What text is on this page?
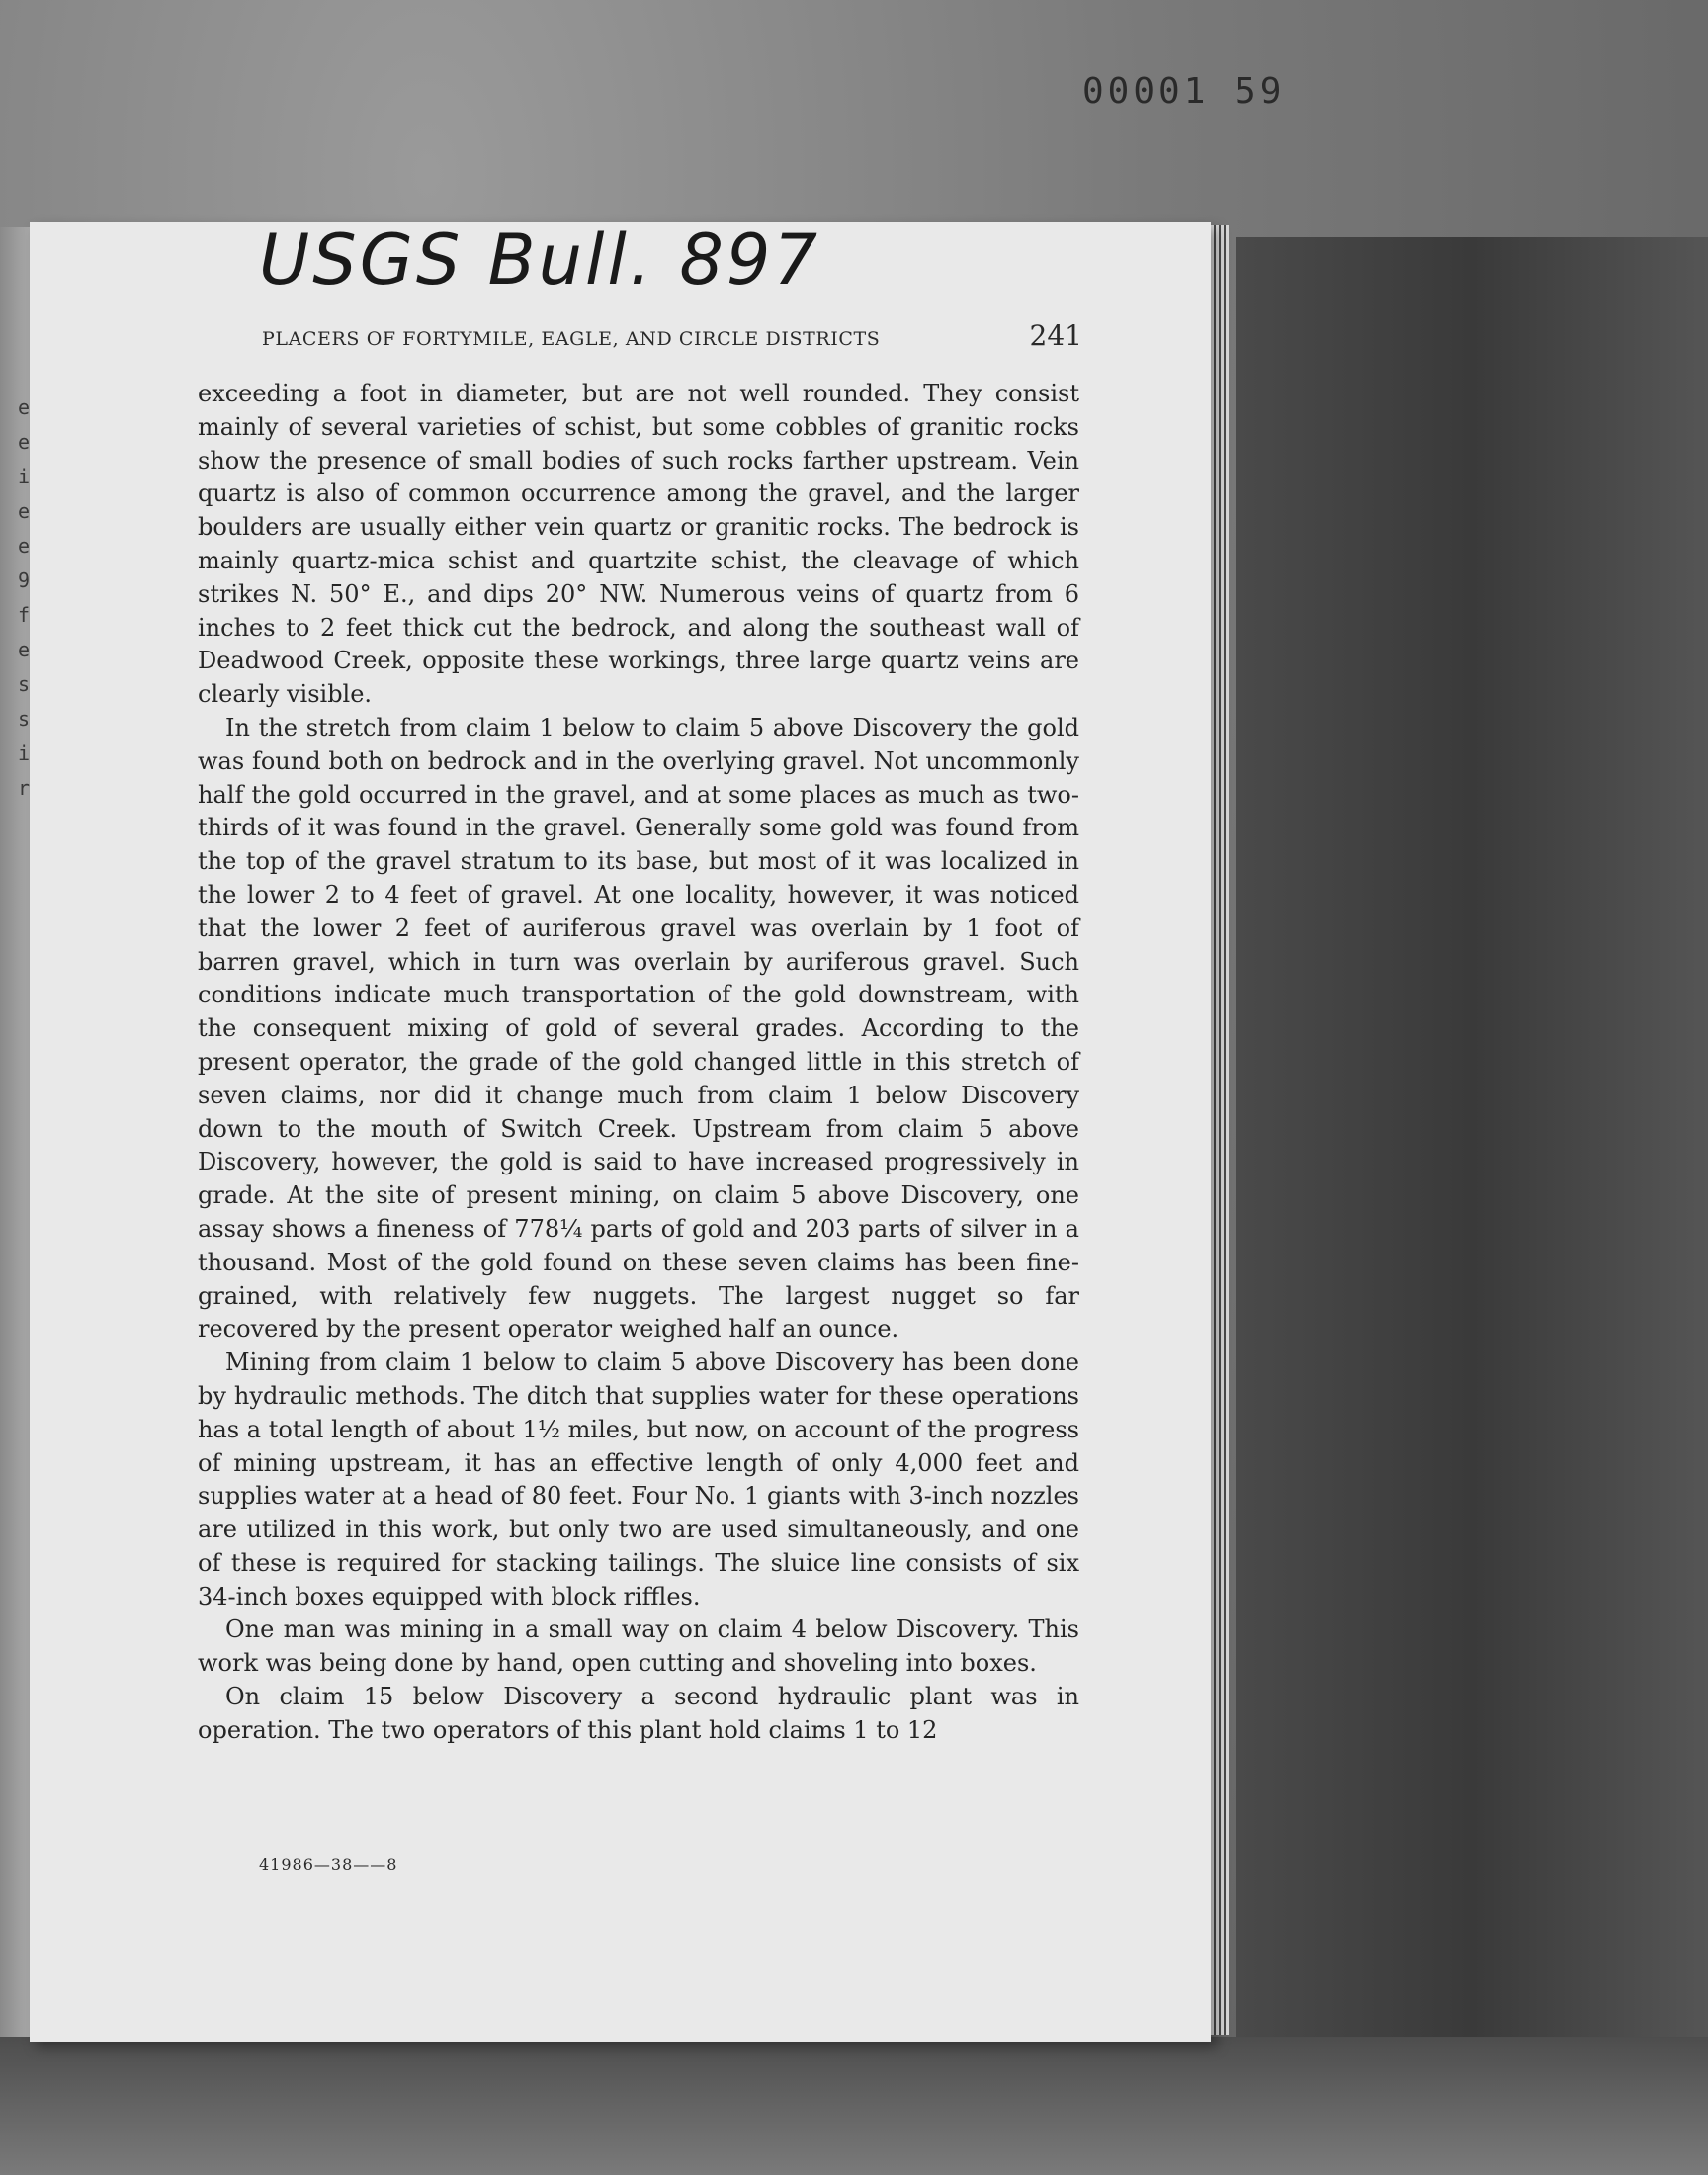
00001 59
e
e
i
e
e
9
f
e
s
s
i
r
USGS Bull. 897
PLACERS OF FORTYMILE, EAGLE, AND CIRCLE DISTRICTS	241

exceeding a foot in diameter, but are not well rounded. They consist mainly of several varieties of schist, but some cobbles of granitic rocks show the presence of small bodies of such rocks farther upstream. Vein quartz is also of common occurrence among the gravel, and the larger boulders are usually either vein quartz or granitic rocks. The bedrock is mainly quartz-mica schist and quartzite schist, the cleavage of which strikes N. 50° E., and dips 20° NW. Numerous veins of quartz from 6 inches to 2 feet thick cut the bedrock, and along the southeast wall of Deadwood Creek, opposite these workings, three large quartz veins are clearly visible.

In the stretch from claim 1 below to claim 5 above Discovery the gold was found both on bedrock and in the overlying gravel. Not uncommonly half the gold occurred in the gravel, and at some places as much as two-thirds of it was found in the gravel. Generally some gold was found from the top of the gravel stratum to its base, but most of it was localized in the lower 2 to 4 feet of gravel. At one locality, however, it was noticed that the lower 2 feet of auriferous gravel was overlain by 1 foot of barren gravel, which in turn was overlain by auriferous gravel. Such conditions indicate much transportation of the gold downstream, with the consequent mixing of gold of several grades. According to the present operator, the grade of the gold changed little in this stretch of seven claims, nor did it change much from claim 1 below Discovery down to the mouth of Switch Creek. Upstream from claim 5 above Discovery, however, the gold is said to have increased progressively in grade. At the site of present mining, on claim 5 above Discovery, one assay shows a fineness of 778¼ parts of gold and 203 parts of silver in a thousand. Most of the gold found on these seven claims has been fine-grained, with relatively few nuggets. The largest nugget so far recovered by the present operator weighed half an ounce.

Mining from claim 1 below to claim 5 above Discovery has been done by hydraulic methods. The ditch that supplies water for these operations has a total length of about 1½ miles, but now, on account of the progress of mining upstream, it has an effective length of only 4,000 feet and supplies water at a head of 80 feet. Four No. 1 giants with 3-inch nozzles are utilized in this work, but only two are used simultaneously, and one of these is required for stacking tailings. The sluice line consists of six 34-inch boxes equipped with block riffles.

One man was mining in a small way on claim 4 below Discovery. This work was being done by hand, open cutting and shoveling into boxes.

On claim 15 below Discovery a second hydraulic plant was in operation. The two operators of this plant hold claims 1 to 12

41986—38——8
